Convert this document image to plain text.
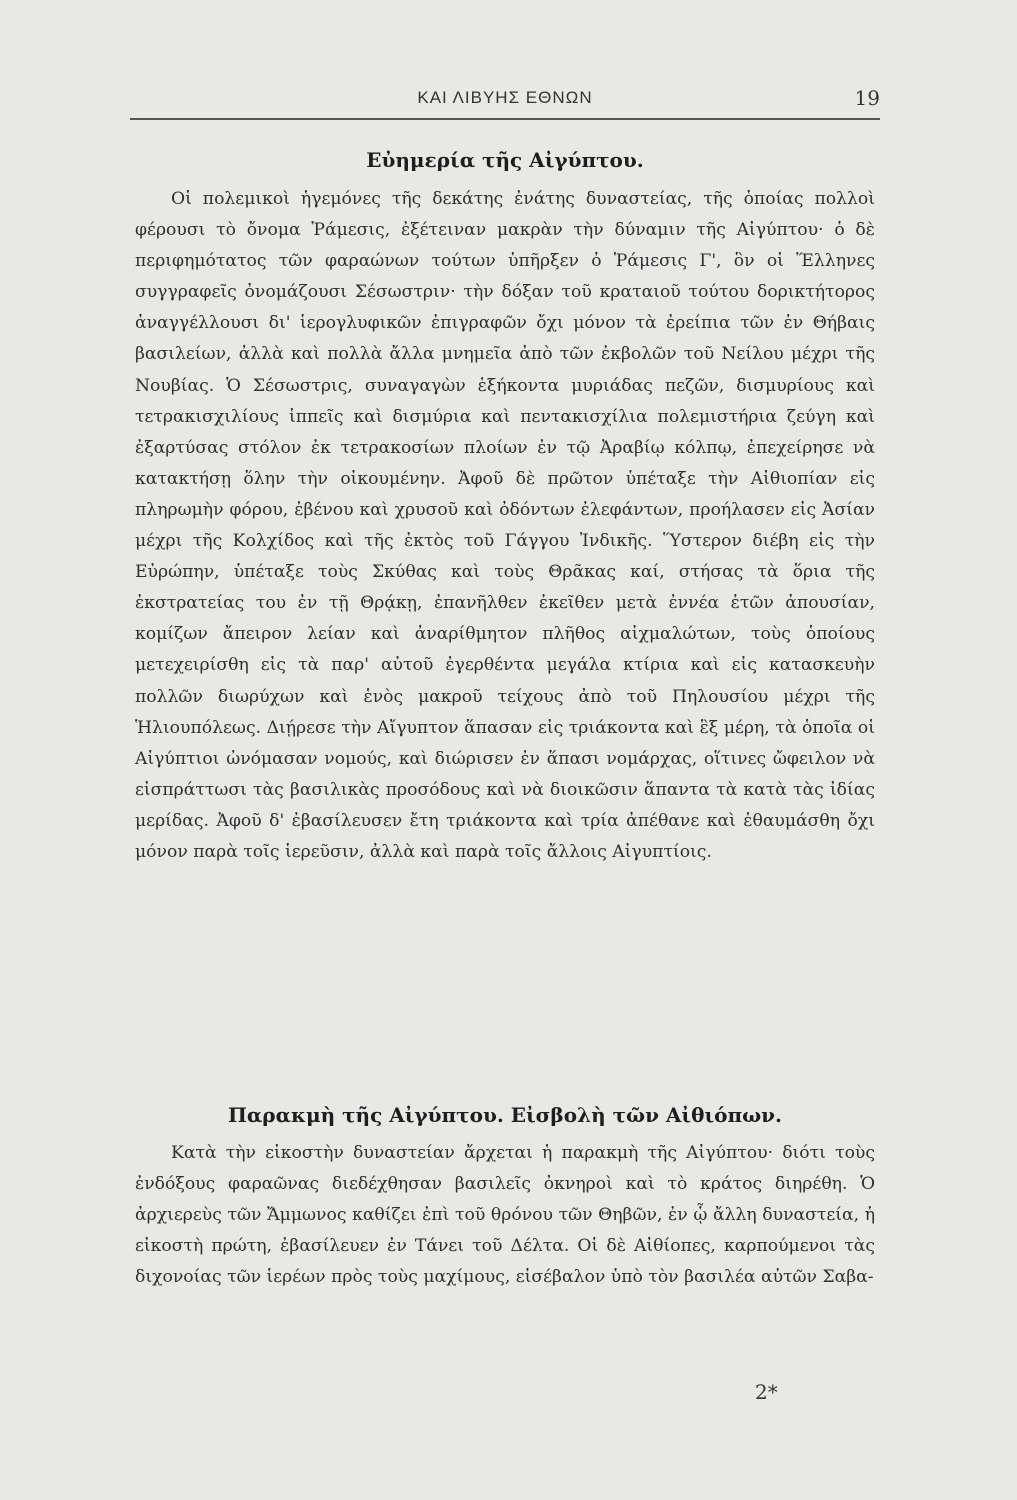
ΚΑΙ ΛΙΒΥΗΣ ΕΘΝΩΝ	19
Εὐημερία τῆς Αἰγύπτου.

Οἱ πολεμικοὶ ἡγεμόνες τῆς δεκάτης ἐνάτης δυναστείας, τῆς ὁποίας πολλοὶ φέρουσι τὸ ὄνομα Ῥάμεσις, ἐξέτειναν μακρὰν τὴν δύναμιν τῆς Αἰγύπτου· ὁ δὲ περιφημότατος τῶν φαραώνων τούτων ὑπῆρξεν ὁ Ῥάμεσις Γ', ὃν οἱ Ἕλληνες συγγραφεῖς ὀνομάζουσι Σέσωστριν· τὴν δόξαν τοῦ κραταιοῦ τούτου δορικτήτορος ἀναγγέλλουσι δι' ἱερογλυφικῶν ἐπιγραφῶν ὄχι μόνον τὰ ἐρείπια τῶν ἐν Θήβαις βασιλείων, ἀλλὰ καὶ πολλὰ ἄλλα μνημεῖα ἀπὸ τῶν ἐκβολῶν τοῦ Νείλου μέχρι τῆς Νουβίας. Ὁ Σέσωστρις, συναγαγὼν ἑξήκοντα μυριάδας πεζῶν, δισμυρίους καὶ τετρακισχιλίους ἱππεῖς καὶ δισμύρια καὶ πεντακισχίλια πολεμιστήρια ζεύγη καὶ ἐξαρτύσας στόλον ἐκ τετρακοσίων πλοίων ἐν τῷ Ἀραβίῳ κόλπῳ, ἐπεχείρησε νὰ κατακτήσῃ ὅλην τὴν οἰκουμένην. Ἀφοῦ δὲ πρῶτον ὑπέταξε τὴν Αἰθιοπίαν εἰς πληρωμὴν φόρου, ἐβένου καὶ χρυσοῦ καὶ ὀδόντων ἐλεφάντων, προήλασεν εἰς Ἀσίαν μέχρι τῆς Κολχίδος καὶ τῆς ἐκτὸς τοῦ Γάγγου Ἰνδικῆς. Ὕστερον διέβη εἰς τὴν Εὐρώπην, ὑπέταξε τοὺς Σκύθας καὶ τοὺς Θρᾶκας καί, στήσας τὰ ὅρια τῆς ἐκστρατείας του ἐν τῇ Θρᾴκῃ, ἐπανῆλθεν ἐκεῖθεν μετὰ ἐννέα ἐτῶν ἀπουσίαν, κομίζων ἄπειρον λείαν καὶ ἀναρίθμητον πλῆθος αἰχμαλώτων, τοὺς ὁποίους μετεχειρίσθη εἰς τὰ παρ' αὐτοῦ ἐγερθέντα μεγάλα κτίρια καὶ εἰς κατασκευὴν πολλῶν διωρύχων καὶ ἑνὸς μακροῦ τείχους ἀπὸ τοῦ Πηλουσίου μέχρι τῆς Ἡλιουπόλεως. Διῄρεσε τὴν Αἴγυπτον ἅπασαν εἰς τριάκοντα καὶ ἓξ μέρη, τὰ ὁποῖα οἱ Αἰγύπτιοι ὠνόμασαν νομούς, καὶ διώρισεν ἐν ἅπασι νομάρχας, οἵτινες ὤφειλον νὰ εἰσπράττωσι τὰς βασιλικὰς προσόδους καὶ νὰ διοικῶσιν ἅπαντα τὰ κατὰ τὰς ἰδίας μερίδας. Ἀφοῦ δ' ἐβασίλευσεν ἔτη τριάκοντα καὶ τρία ἀπέθανε καὶ ἐθαυμάσθη ὄχι μόνον παρὰ τοῖς ἱερεῦσιν, ἀλλὰ καὶ παρὰ τοῖς ἄλλοις Αἰγυπτίοις.

Παρακμὴ τῆς Αἰγύπτου. Εἰσβολὴ τῶν Αἰθιόπων.

Κατὰ τὴν εἰκοστὴν δυναστείαν ἄρχεται ἡ παρακμὴ τῆς Αἰγύπτου· διότι τοὺς ἐνδόξους φαραῶνας διεδέχθησαν βασιλεῖς ὀκνηροὶ καὶ τὸ κράτος διηρέθη. Ὁ ἀρχιερεὺς τῶν Ἄμμωνος καθίζει ἐπὶ τοῦ θρόνου τῶν Θηβῶν, ἐν ᾧ ἄλλη δυναστεία, ἡ εἰκοστὴ πρώτη, ἐβασίλευεν ἐν Τάνει τοῦ Δέλτα. Οἱ δὲ Αἰθίοπες, καρπούμενοι τὰς διχονοίας τῶν ἱερέων πρὸς τοὺς μαχίμους, εἰσέβαλον ὑπὸ τὸν βασιλέα αὐτῶν Σαβα-

2*
